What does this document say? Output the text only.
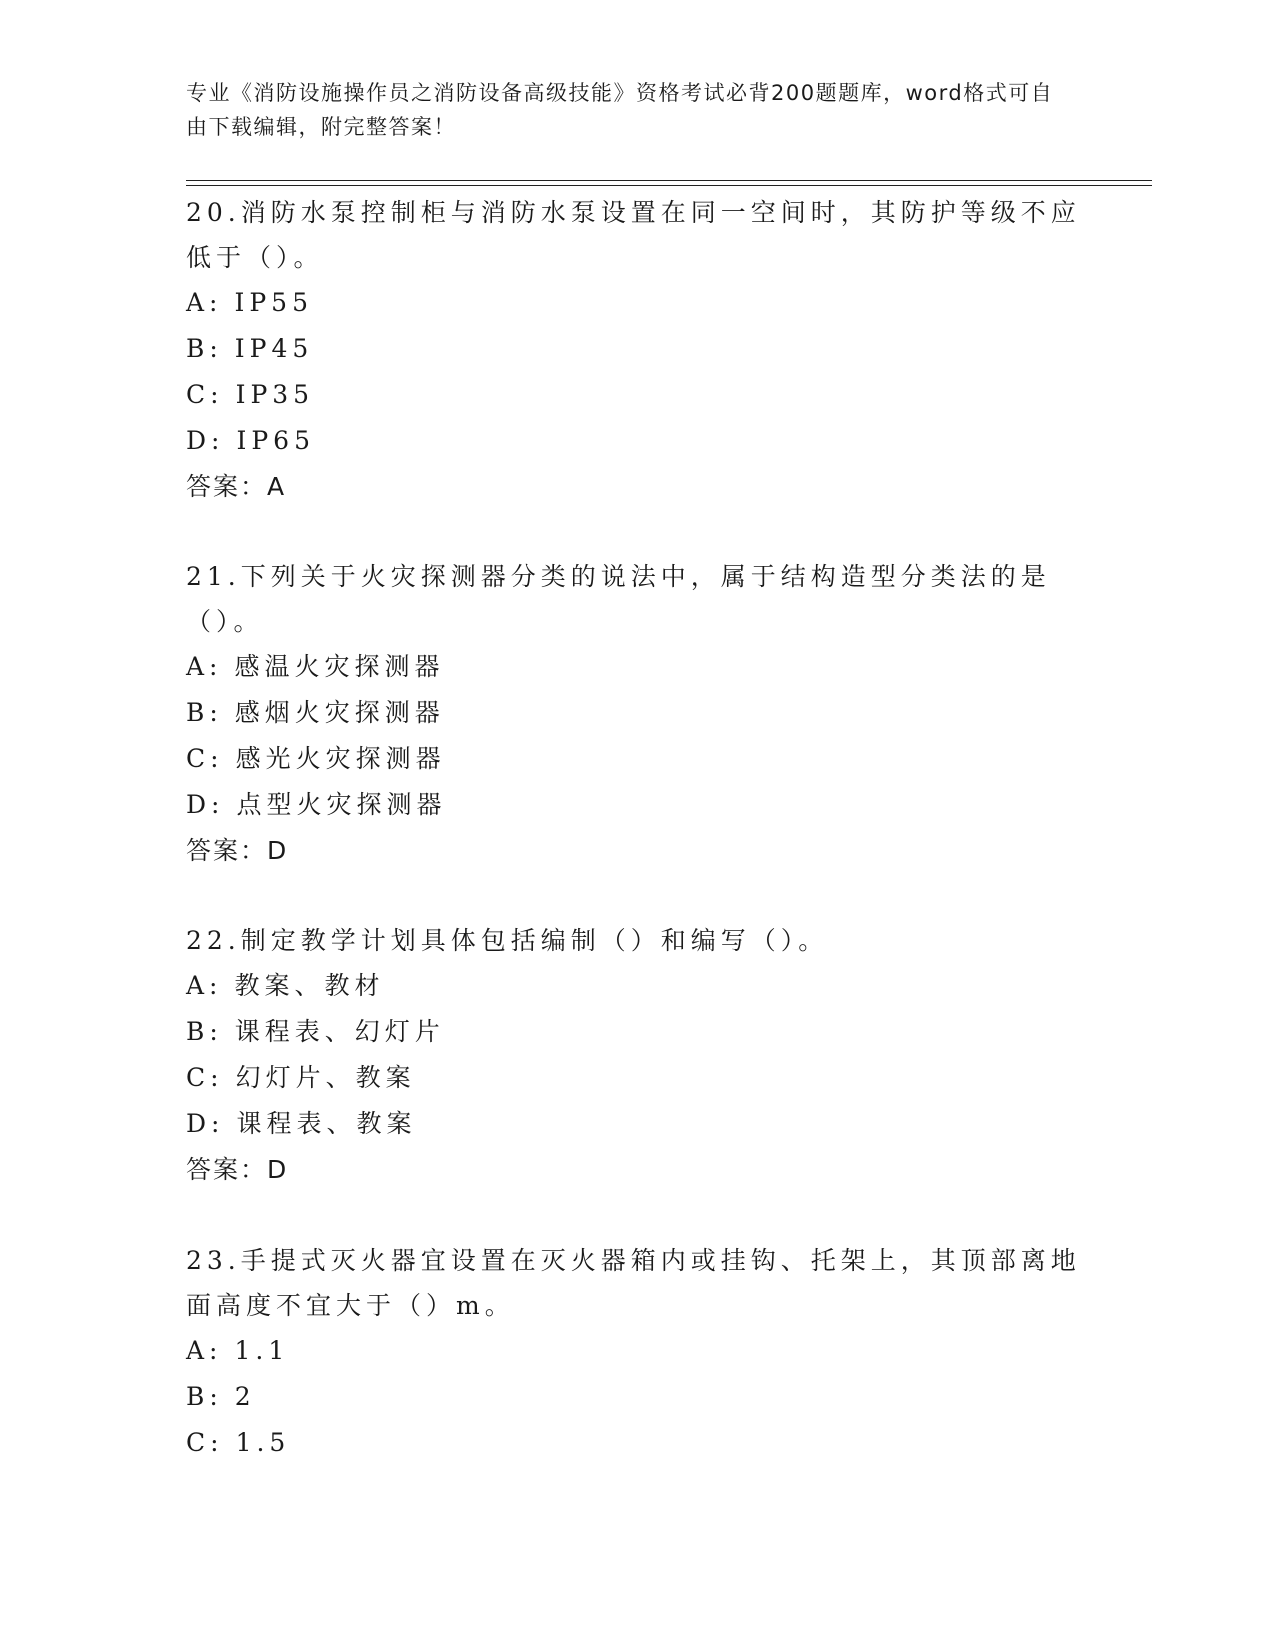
专业《消防设施操作员之消防设备高级技能》资格考试必背200题题库，word格式可自由下载编辑，附完整答案！

20.消防水泵控制柜与消防水泵设置在同一空间时，其防护等级不应低于（）。

A: IP55
B: IP45
C: IP35
D: IP65
答案：A

21.下列关于火灾探测器分类的说法中，属于结构造型分类法的是（）。

A: 感温火灾探测器
B: 感烟火灾探测器
C: 感光火灾探测器
D: 点型火灾探测器
答案：D

22.制定教学计划具体包括编制（）和编写（）。

A: 教案、教材
B: 课程表、幻灯片
C: 幻灯片、教案
D: 课程表、教案
答案：D

23.手提式灭火器宜设置在灭火器箱内或挂钩、托架上，其顶部离地面高度不宜大于（）m。

A: 1.1
B: 2
C: 1.5
